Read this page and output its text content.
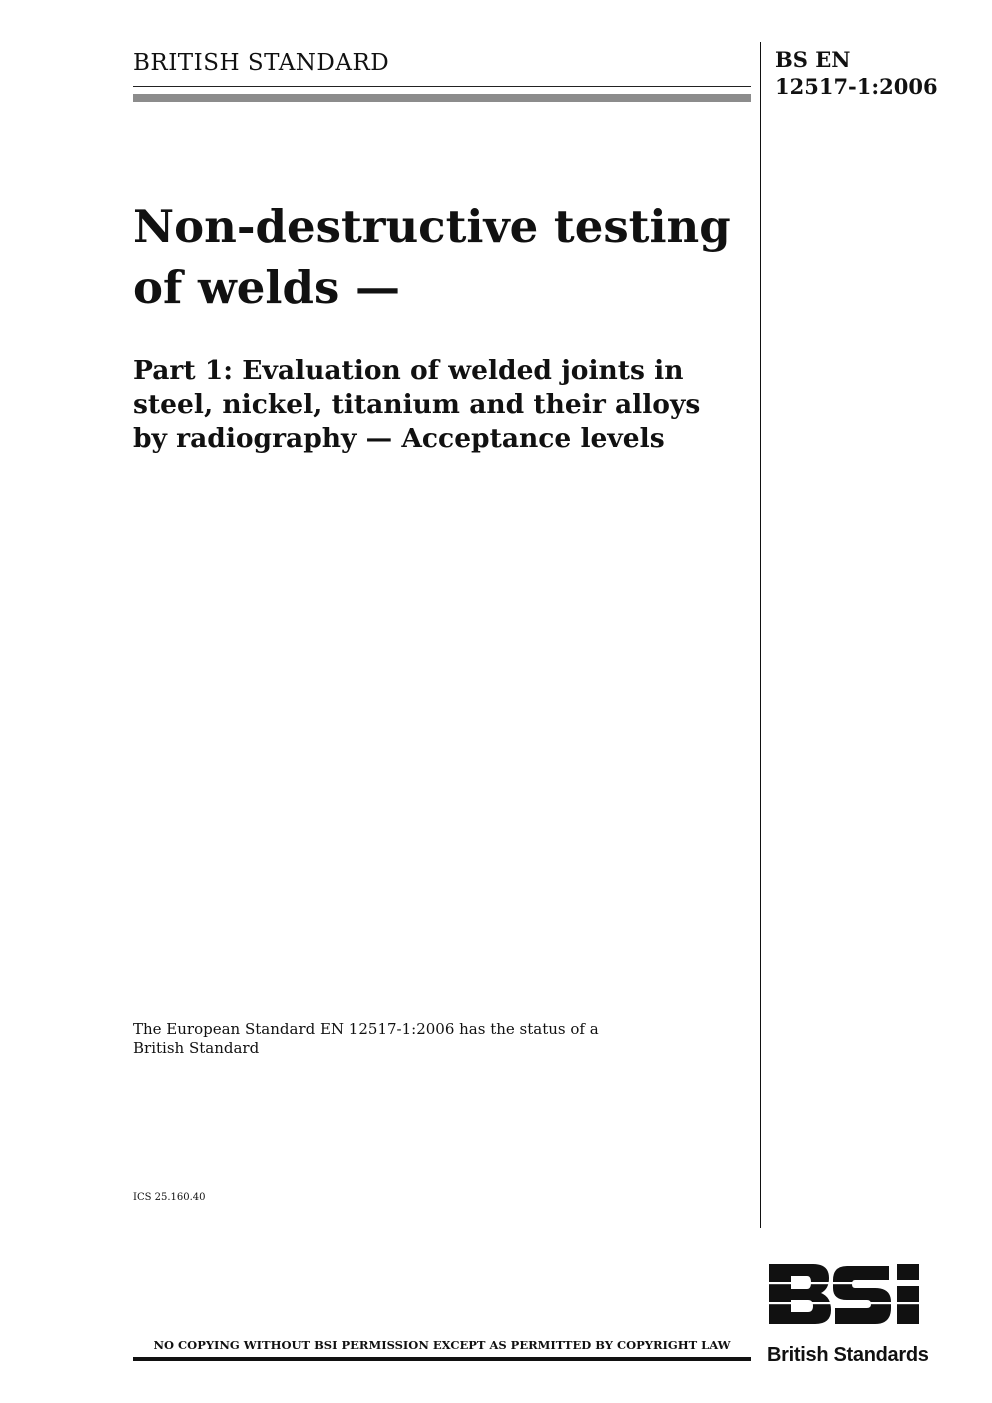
BRITISH STANDARD	BS EN
12517-1:2006
Non-destructive testing
of welds —
Part 1: Evaluation of welded joints in
steel, nickel, titanium and their alloys
by radiography — Acceptance levels

The European Standard EN 12517-1:2006 has the status of a
British Standard

ICS 25.160.40
NO COPYING WITHOUT BSI PERMISSION EXCEPT AS PERMITTED BY COPYRIGHT LAW	British Standards
